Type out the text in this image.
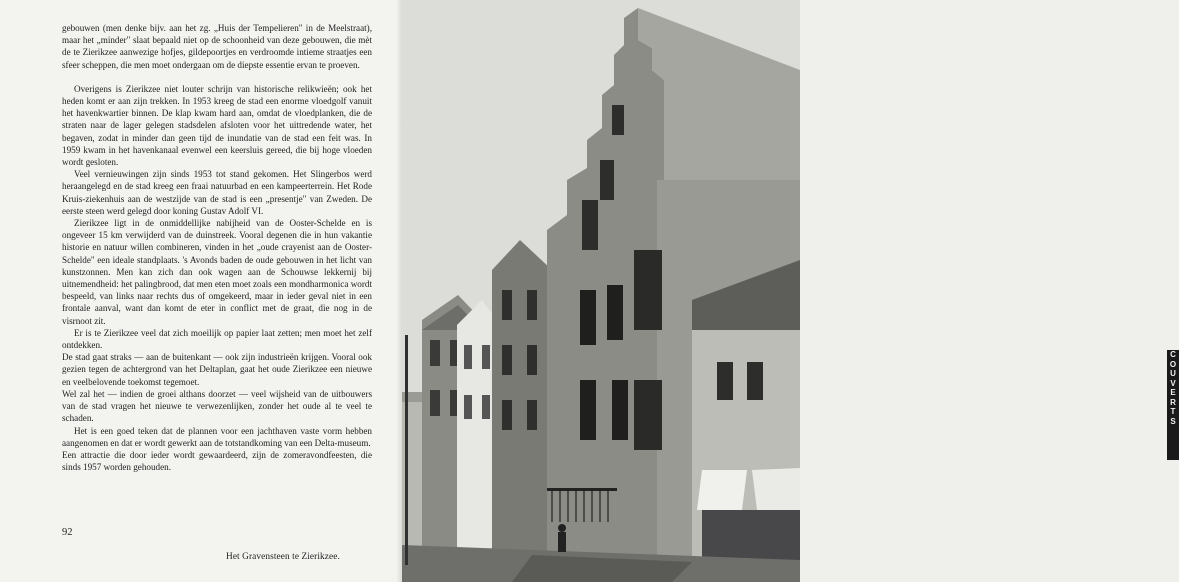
gebouwen (men denke bijv. aan het zg. „Huis der Tempelieren" in de Meelstraat), maar het „minder" slaat bepaald niet op de schoonheid van deze gebouwen, die mèt de te Zierikzee aanwezige hofjes, gildepoortjes en verdroomde intieme straatjes een sfeer scheppen, die men moet ondergaan om de diepste essentie ervan te proeven.

Overigens is Zierikzee niet louter schrijn van historische relikwieën; ook het heden komt er aan zijn trekken. In 1953 kreeg de stad een enorme vloedgolf vanuit het havenkwartier binnen. De klap kwam hard aan, omdat de vloedplanken, die de straten naar de lager gelegen stadsdelen afsloten voor het uittredende water, het begaven, zodat in minder dan geen tijd de inundatie van de stad een feit was. In 1959 kwam in het havenkanaal evenwel een keersluis gereed, die bij hoge vloeden wordt gesloten.

Veel vernieuwingen zijn sinds 1953 tot stand gekomen. Het Slingerbos werd heraangelegd en de stad kreeg een fraai natuurbad en een kampeerterrein. Het Rode Kruis-ziekenhuis aan de westzijde van de stad is een „presentje" van Zweden. De eerste steen werd gelegd door koning Gustav Adolf VI.

Zierikzee ligt in de onmiddellijke nabijheid van de Ooster-Schelde en is ongeveer 15 km verwijderd van de duinstreek. Vooral degenen die in hun vakantie historie en natuur willen combineren, vinden in het „oude crayenist aan de Ooster-Schelde" een ideale standplaats. 's Avonds baden de oude gebouwen in het licht van kunstzonnen. Men kan zich dan ook wagen aan de Schouwse lekkernij bij uitnemendheid: het palingbrood, dat men eten moet zoals een mondharmonica wordt bespeeld, van links naar rechts dus of omgekeerd, maar in ieder geval niet in een frontale aanval, want dan komt de eter in conflict met de graat, die nog in de visrnoot zit.

Er is te Zierikzee veel dat zich moeilijk op papier laat zetten; men moet het zelf ontdekken.

De stad gaat straks — aan de buitenkant — ook zijn industrieën krijgen. Vooral ook gezien tegen de achtergrond van het Deltaplan, gaat het oude Zierikzee een nieuwe en veelbelovende toekomst tegemoet.

Wel zal het — indien de groei althans doorzet — veel wijsheid van de uitbouwers van de stad vragen het nieuwe te verwezenlijken, zonder het oude al te veel te schaden.

Het is een goed teken dat de plannen voor een jachthaven vaste vorm hebben aangenomen en dat er wordt gewerkt aan de totstandkoming van een Delta-museum.

Een attractie die door ieder wordt gewaardeerd, zijn de zomeravondfeesten, die sinds 1957 worden gehouden.

92
Het Gravensteen te Zierikzee.
C
O
U
V
E
R
T
S
